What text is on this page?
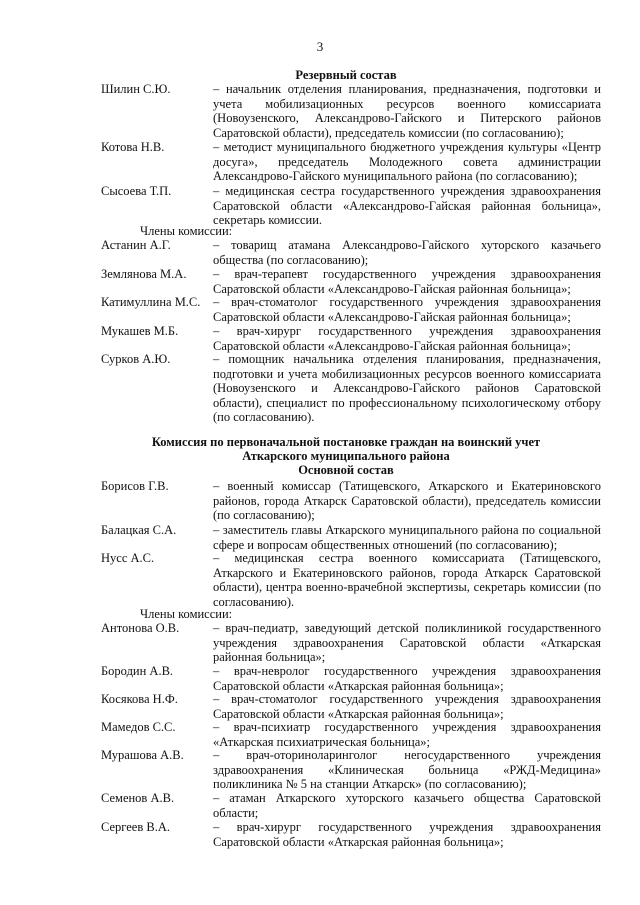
3
Резервный состав
Шилин С.Ю.	– начальник отделения планирования, предназначения, подготовки и учета мобилизационных ресурсов военного комиссариата (Новоузенского, Александрово-Гайского и Питерского районов Саратовской области), председатель комиссии (по согласованию);
Котова Н.В.	– методист муниципального бюджетного учреждения культуры «Центр досуга», председатель Молодежного совета администрации Александрово-Гайского муниципального района (по согласованию);
Сысоева Т.П.	– медицинская сестра государственного учреждения здравоохранения Саратовской области «Александрово-Гайская районная больница», секретарь комиссии.
Члены комиссии:
Астанин А.Г.	– товарищ атамана Александрово-Гайского хуторского казачьего общества (по согласованию);
Землянова М.А.	– врач-терапевт государственного учреждения здравоохранения Саратовской области «Александрово-Гайская районная больница»;
Катимуллина М.С.	– врач-стоматолог государственного учреждения здравоохранения Саратовской области «Александрово-Гайская районная больница»;
Мукашев М.Б.	– врач-хирург государственного учреждения здравоохранения Саратовской области «Александрово-Гайская районная больница»;
Сурков А.Ю.	– помощник начальника отделения планирования, предназначения, подготовки и учета мобилизационных ресурсов военного комиссариата (Новоузенского и Александрово-Гайского районов Саратовской области), специалист по профессиональному психологическому отбору (по согласованию).
Комиссия по первоначальной постановке граждан на воинский учет
Аткарского муниципального района
Основной состав
Борисов Г.В.	– военный комиссар (Татищевского, Аткарского и Екатериновского районов, города Аткарск Саратовской области), председатель комиссии (по согласованию);
Балацкая С.А.	– заместитель главы Аткарского муниципального района по социальной сфере и вопросам общественных отношений (по согласованию);
Нусс А.С.	– медицинская сестра военного комиссариата (Татищевского, Аткарского и Екатериновского районов, города Аткарск Саратовской области), центра военно-врачебной экспертизы, секретарь комиссии (по согласованию).
Члены комиссии:
Антонова О.В.	– врач-педиатр, заведующий детской поликлиникой государственного учреждения здравоохранения Саратовской области «Аткарская районная больница»;
Бородин А.В.	– врач-невролог государственного учреждения здравоохранения Саратовской области «Аткарская районная больница»;
Косякова Н.Ф.	– врач-стоматолог государственного учреждения здравоохранения Саратовской области «Аткарская районная больница»;
Мамедов С.С.	– врач-психиатр государственного учреждения здравоохранения «Аткарская психиатрическая больница»;
Мурашова А.В.	– врач-оториноларинголог негосударственного учреждения здравоохранения «Клиническая больница «РЖД-Медицина» поликлиника № 5 на станции Аткарск» (по согласованию);
Семенов А.В.	– атаман Аткарского хуторского казачьего общества Саратовской области;
Сергеев В.А.	– врач-хирург государственного учреждения здравоохранения Саратовской области «Аткарская районная больница»;
